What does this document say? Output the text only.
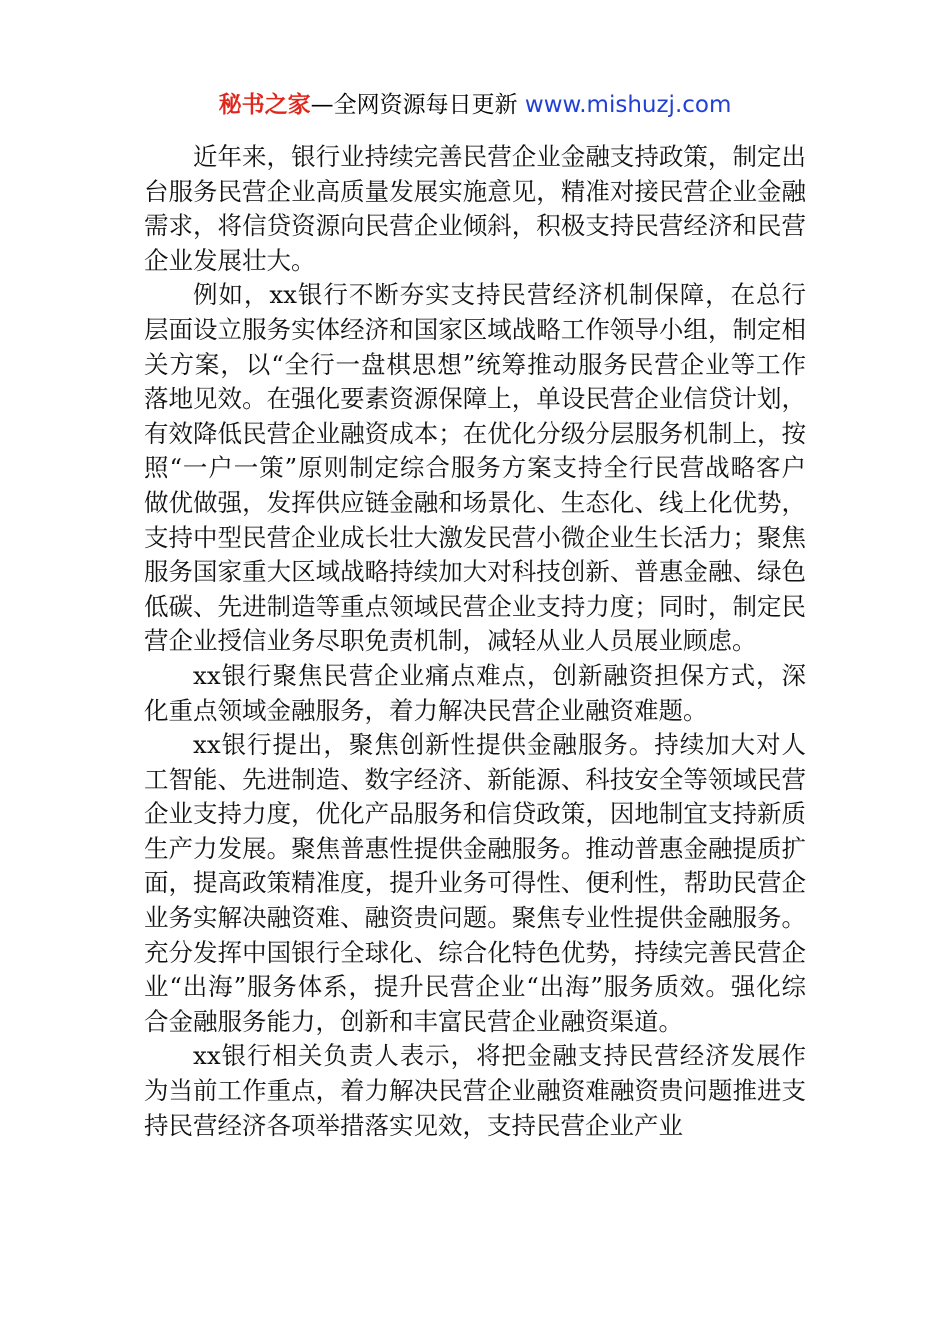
秘书之家—全网资源每日更新 www.mishuzj.com

近年来，银行业持续完善民营企业金融支持政策，制定出台服务民营企业高质量发展实施意见，精准对接民营企业金融需求，将信贷资源向民营企业倾斜，积极支持民营经济和民营企业发展壮大。

例如，xx银行不断夯实支持民营经济机制保障，在总行层面设立服务实体经济和国家区域战略工作领导小组，制定相关方案，以“全行一盘棋思想”统筹推动服务民营企业等工作落地见效。在强化要素资源保障上，单设民营企业信贷计划，有效降低民营企业融资成本；在优化分级分层服务机制上，按照“一户一策”原则制定综合服务方案支持全行民营战略客户做优做强，发挥供应链金融和场景化、生态化、线上化优势，支持中型民营企业成长壮大激发民营小微企业生长活力；聚焦服务国家重大区域战略持续加大对科技创新、普惠金融、绿色低碳、先进制造等重点领域民营企业支持力度；同时，制定民营企业授信业务尽职免责机制，减轻从业人员展业顾虑。

xx银行聚焦民营企业痛点难点，创新融资担保方式，深化重点领域金融服务，着力解决民营企业融资难题。

xx银行提出，聚焦创新性提供金融服务。持续加大对人工智能、先进制造、数字经济、新能源、科技安全等领域民营企业支持力度，优化产品服务和信贷政策，因地制宜支持新质生产力发展。聚焦普惠性提供金融服务。推动普惠金融提质扩面，提高政策精准度，提升业务可得性、便利性，帮助民营企业务实解决融资难、融资贵问题。聚焦专业性提供金融服务。充分发挥中国银行全球化、综合化特色优势，持续完善民营企业“出海”服务体系，提升民营企业“出海”服务质效。强化综合金融服务能力，创新和丰富民营企业融资渠道。

xx银行相关负责人表示，将把金融支持民营经济发展作为当前工作重点，着力解决民营企业融资难融资贵问题推进支持民营经济各项举措落实见效，支持民营企业产业
